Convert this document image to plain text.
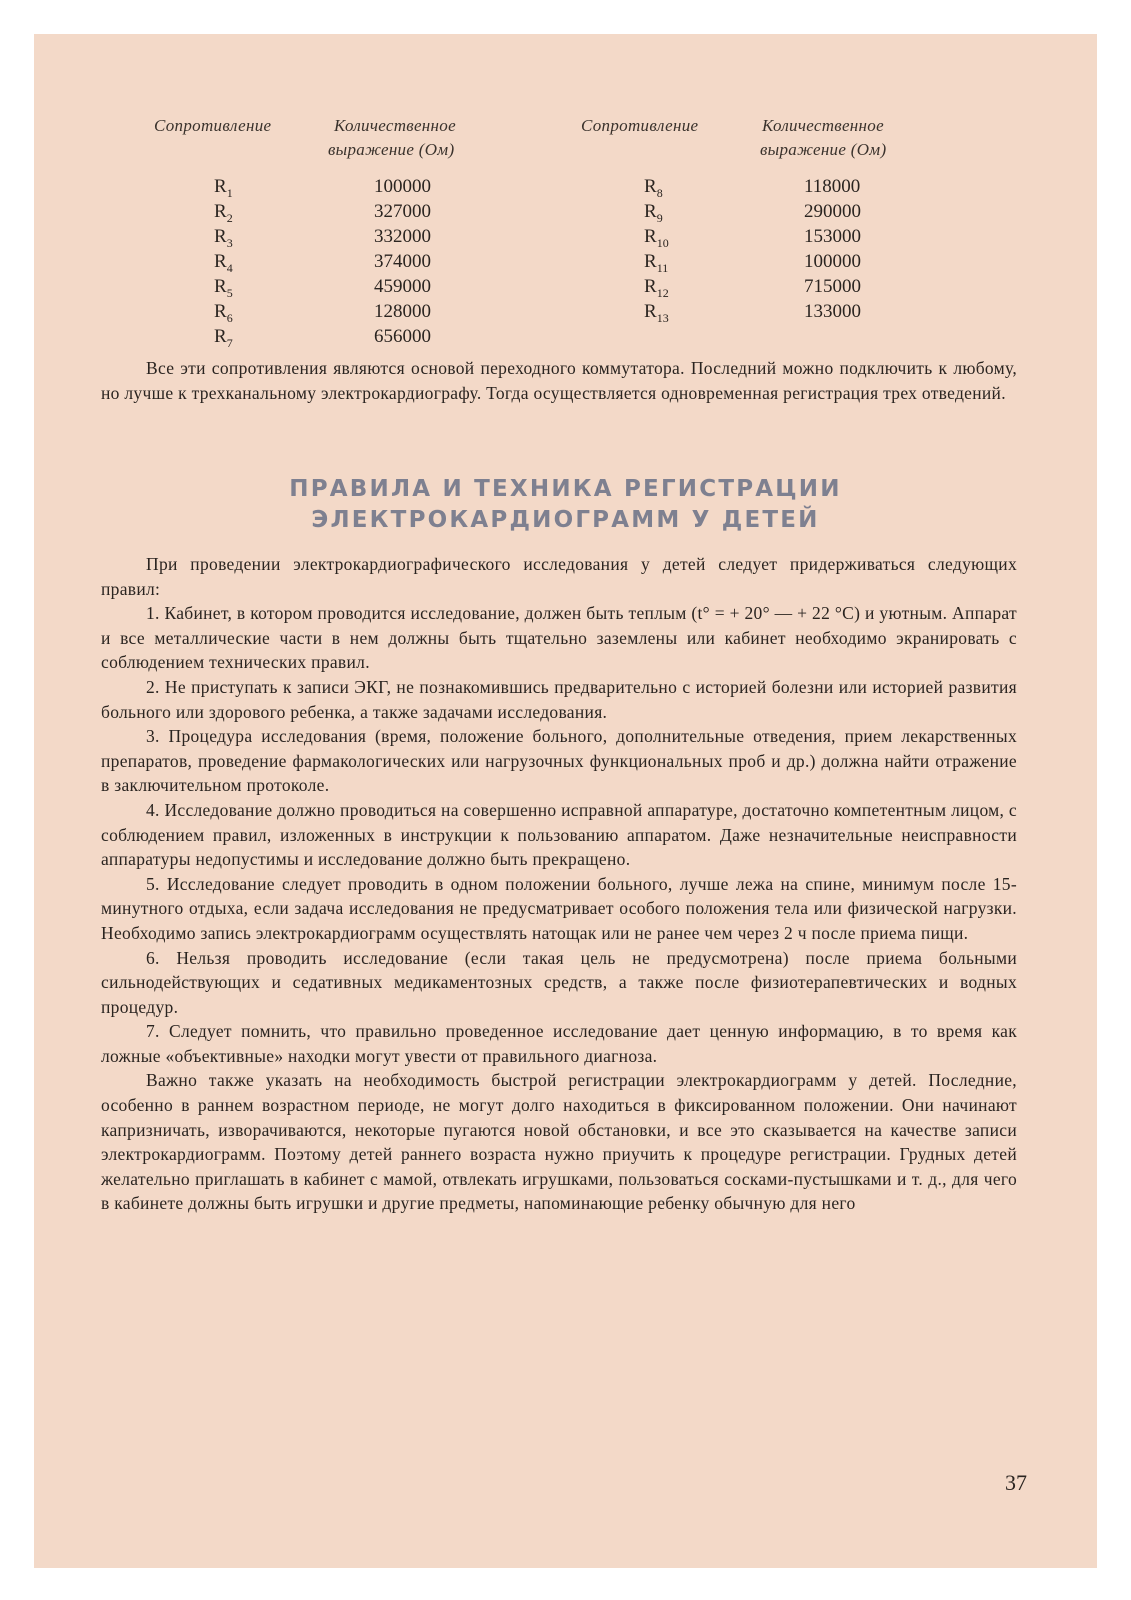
Сопротивление	Количественное
выражение (Ом)
$R_1$	100000
$R_2$	327000
$R_3$	332000
$R_4$	374000
$R_5$	459000
$R_6$	128000
$R_7$	656000
Сопротивление	Количественное
выражение (Ом)
$R_8$	118000
$R_9$	290000
$R_{10}$	153000
$R_{11}$	100000
$R_{12}$	715000
$R_{13}$	133000

Все эти сопротивления являются основой переходного коммутатора. Последний можно подключить к любому, но лучше к трехканальному электрокардиографу. Тогда осуществляется одновременная регистрация трех отведений.

ПРАВИЛА И ТЕХНИКА РЕГИСТРАЦИИ
ЭЛЕКТРОКАРДИОГРАММ У ДЕТЕЙ

При проведении электрокардиографического исследования у детей следует придерживаться следующих правил:

1. Кабинет, в котором проводится исследование, должен быть теплым (t° = + 20° — + 22 °С) и уютным. Аппарат и все металлические части в нем должны быть тщательно заземлены или кабинет необходимо экранировать с соблюдением технических правил.

2. Не приступать к записи ЭКГ, не познакомившись предварительно с историей болезни или историей развития больного или здорового ребенка, а также задачами исследования.

3. Процедура исследования (время, положение больного, дополнительные отведения, прием лекарственных препаратов, проведение фармакологических или нагрузочных функциональных проб и др.) должна найти отражение в заключительном протоколе.

4. Исследование должно проводиться на совершенно исправной аппаратуре, достаточно компетентным лицом, с соблюдением правил, изложенных в инструкции к пользованию аппаратом. Даже незначительные неисправности аппаратуры недопустимы и исследование должно быть прекращено.

5. Исследование следует проводить в одном положении больного, лучше лежа на спине, минимум после 15-минутного отдыха, если задача исследования не предусматривает особого положения тела или физической нагрузки. Необходимо запись электрокардиограмм осуществлять натощак или не ранее чем через 2 ч после приема пищи.

6. Нельзя проводить исследование (если такая цель не предусмотрена) после приема больными сильнодействующих и седативных медикаментозных средств, а также после физиотерапевтических и водных процедур.

7. Следует помнить, что правильно проведенное исследование дает ценную информацию, в то время как ложные «объективные» находки могут увести от правильного диагноза.

Важно также указать на необходимость быстрой регистрации электрокардиограмм у детей. Последние, особенно в раннем возрастном периоде, не могут долго находиться в фиксированном положении. Они начинают капризничать, изворачиваются, некоторые пугаются новой обстановки, и все это сказывается на качестве записи электрокардиограмм. Поэтому детей раннего возраста нужно приучить к процедуре регистрации. Грудных детей желательно приглашать в кабинет с мамой, отвлекать игрушками, пользоваться сосками-пустышками и т. д., для чего в кабинете должны быть игрушки и другие предметы, напоминающие ребенку обычную для него

37
